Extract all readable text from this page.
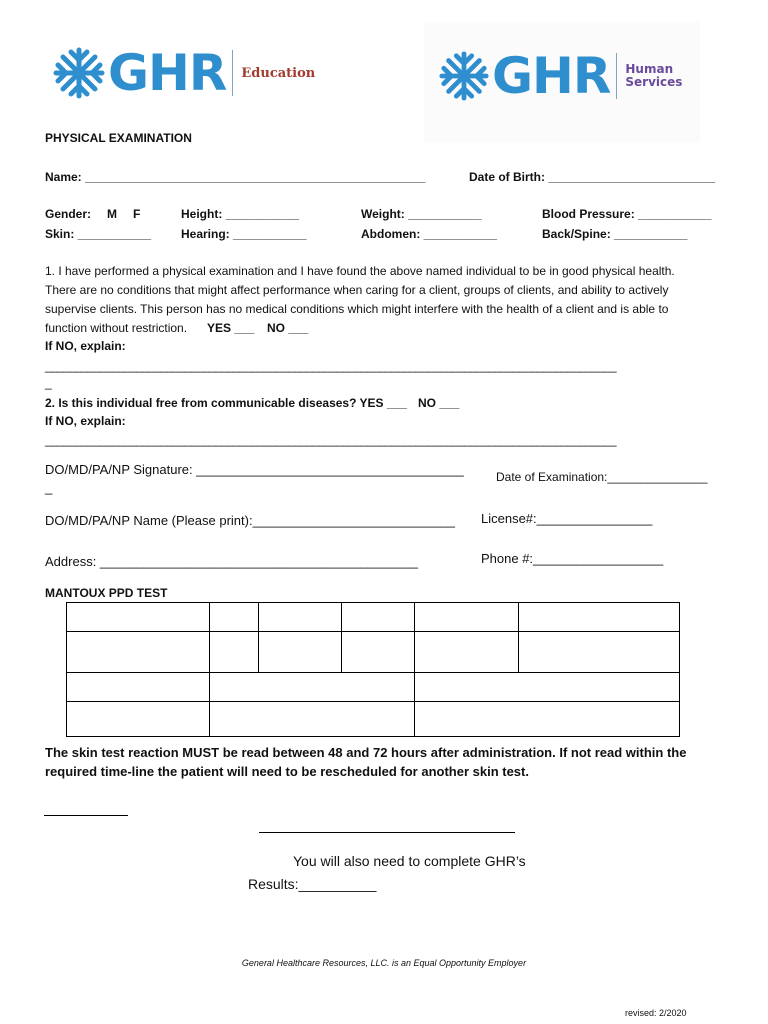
GHR Education	GHR Human
Services
PHYSICAL EXAMINATION
Name: ___________________________________________________	Date of Birth: _________________________
Gender: M F	Height: ___________	Weight: ___________	Blood Pressure: ___________
Skin: ___________ Hearing: ___________	Abdomen: ___________	Back/Spine: ___________
1. I have performed a physical examination and I have found the above named individual to be in good physical health.
There are no conditions that might affect performance when caring for a client, groups of clients, and ability to actively
supervise clients. This person has no medical conditions which might interfere with the health of a client and is able to
function without restriction. YES ___ NO ___
If NO, explain:
______________________________________________________________________________________________
_
2. Is this individual free from communicable diseases? YES ___ NO ___
If NO, explain:
______________________________________________________________________________________________
DO/MD/PA/NP Signature: _____________________________________
_
Date of Examination:_______________
DO/MD/PA/NP Name (Please print):____________________________ License#:________________
Address: ____________________________________________	Phone #:__________________
MANTOUX PPD TEST

The skin test reaction MUST be read between 48 and 72 hours after administration. If not read within the
required time-line the patient will need to be rescheduled for another skin test.
You will also need to complete GHR’s
Results:__________
General Healthcare Resources, LLC. is an Equal Opportunity Employer
revised: 2/2020
